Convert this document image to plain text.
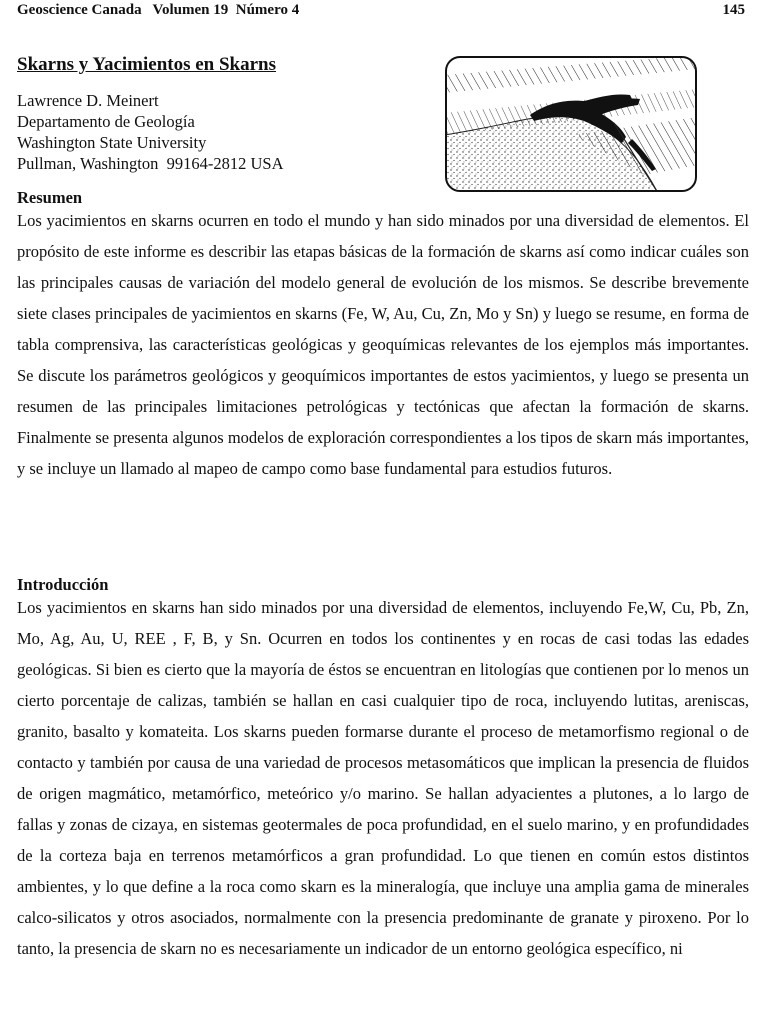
Geoscience Canada   Volumen 19  Número 4	145
Skarns y Yacimientos en Skarns
Lawrence D. Meinert
Departamento de Geología
Washington State University
Pullman, Washington  99164-2812 USA
Resumen
Los yacimientos en skarns ocurren en todo el mundo y han sido minados por una diversidad de elementos. El propósito de este informe es describir las etapas básicas de la formación de skarns así como indicar cuáles son las principales causas de variación del modelo general de evolución de los mismos. Se describe brevemente siete clases principales de yacimientos en skarns (Fe, W, Au, Cu, Zn, Mo y Sn) y luego se resume, en forma de tabla comprensiva, las características geológicas y geoquímicas relevantes de los ejemplos más importantes. Se discute los parámetros geológicos y geoquímicos importantes de estos yacimientos, y luego se presenta un resumen de las principales limitaciones petrológicas y tectónicas que afectan la formación de skarns. Finalmente se presenta algunos modelos de exploración correspondientes a los tipos de skarn más importantes, y se incluye un llamado al mapeo de campo como base fundamental para estudios futuros.
Introducción
Los yacimientos en skarns han sido minados por una diversidad de elementos, incluyendo Fe,W, Cu, Pb, Zn, Mo, Ag, Au, U, REE , F, B, y Sn. Ocurren en todos los continentes y en rocas de casi todas las edades geológicas. Si bien es cierto que la mayoría de éstos se encuentran en litologías que contienen por lo menos un cierto porcentaje de calizas, también se hallan en casi cualquier tipo de roca, incluyendo lutitas, areniscas, granito, basalto y komateita. Los skarns pueden formarse durante el proceso de metamorfismo regional o de contacto y también por causa de una variedad de procesos metasomáticos que implican la presencia de fluidos de origen magmático, metamórfico, meteórico y/o marino. Se hallan adyacientes a plutones, a lo largo de fallas y zonas de cizaya, en sistemas geotermales de poca profundidad, en el suelo marino, y en profundidades de la corteza baja en terrenos metamórficos a gran profundidad. Lo que tienen en común estos distintos ambientes, y lo que define a la roca como skarn es la mineralogía, que incluye una amplia gama de minerales calco-silicatos y otros asociados, normalmente con la presencia predominante de granate y piroxeno. Por lo tanto, la presencia de skarn no es necesariamente un indicador de un entorno geológica específico, ni
